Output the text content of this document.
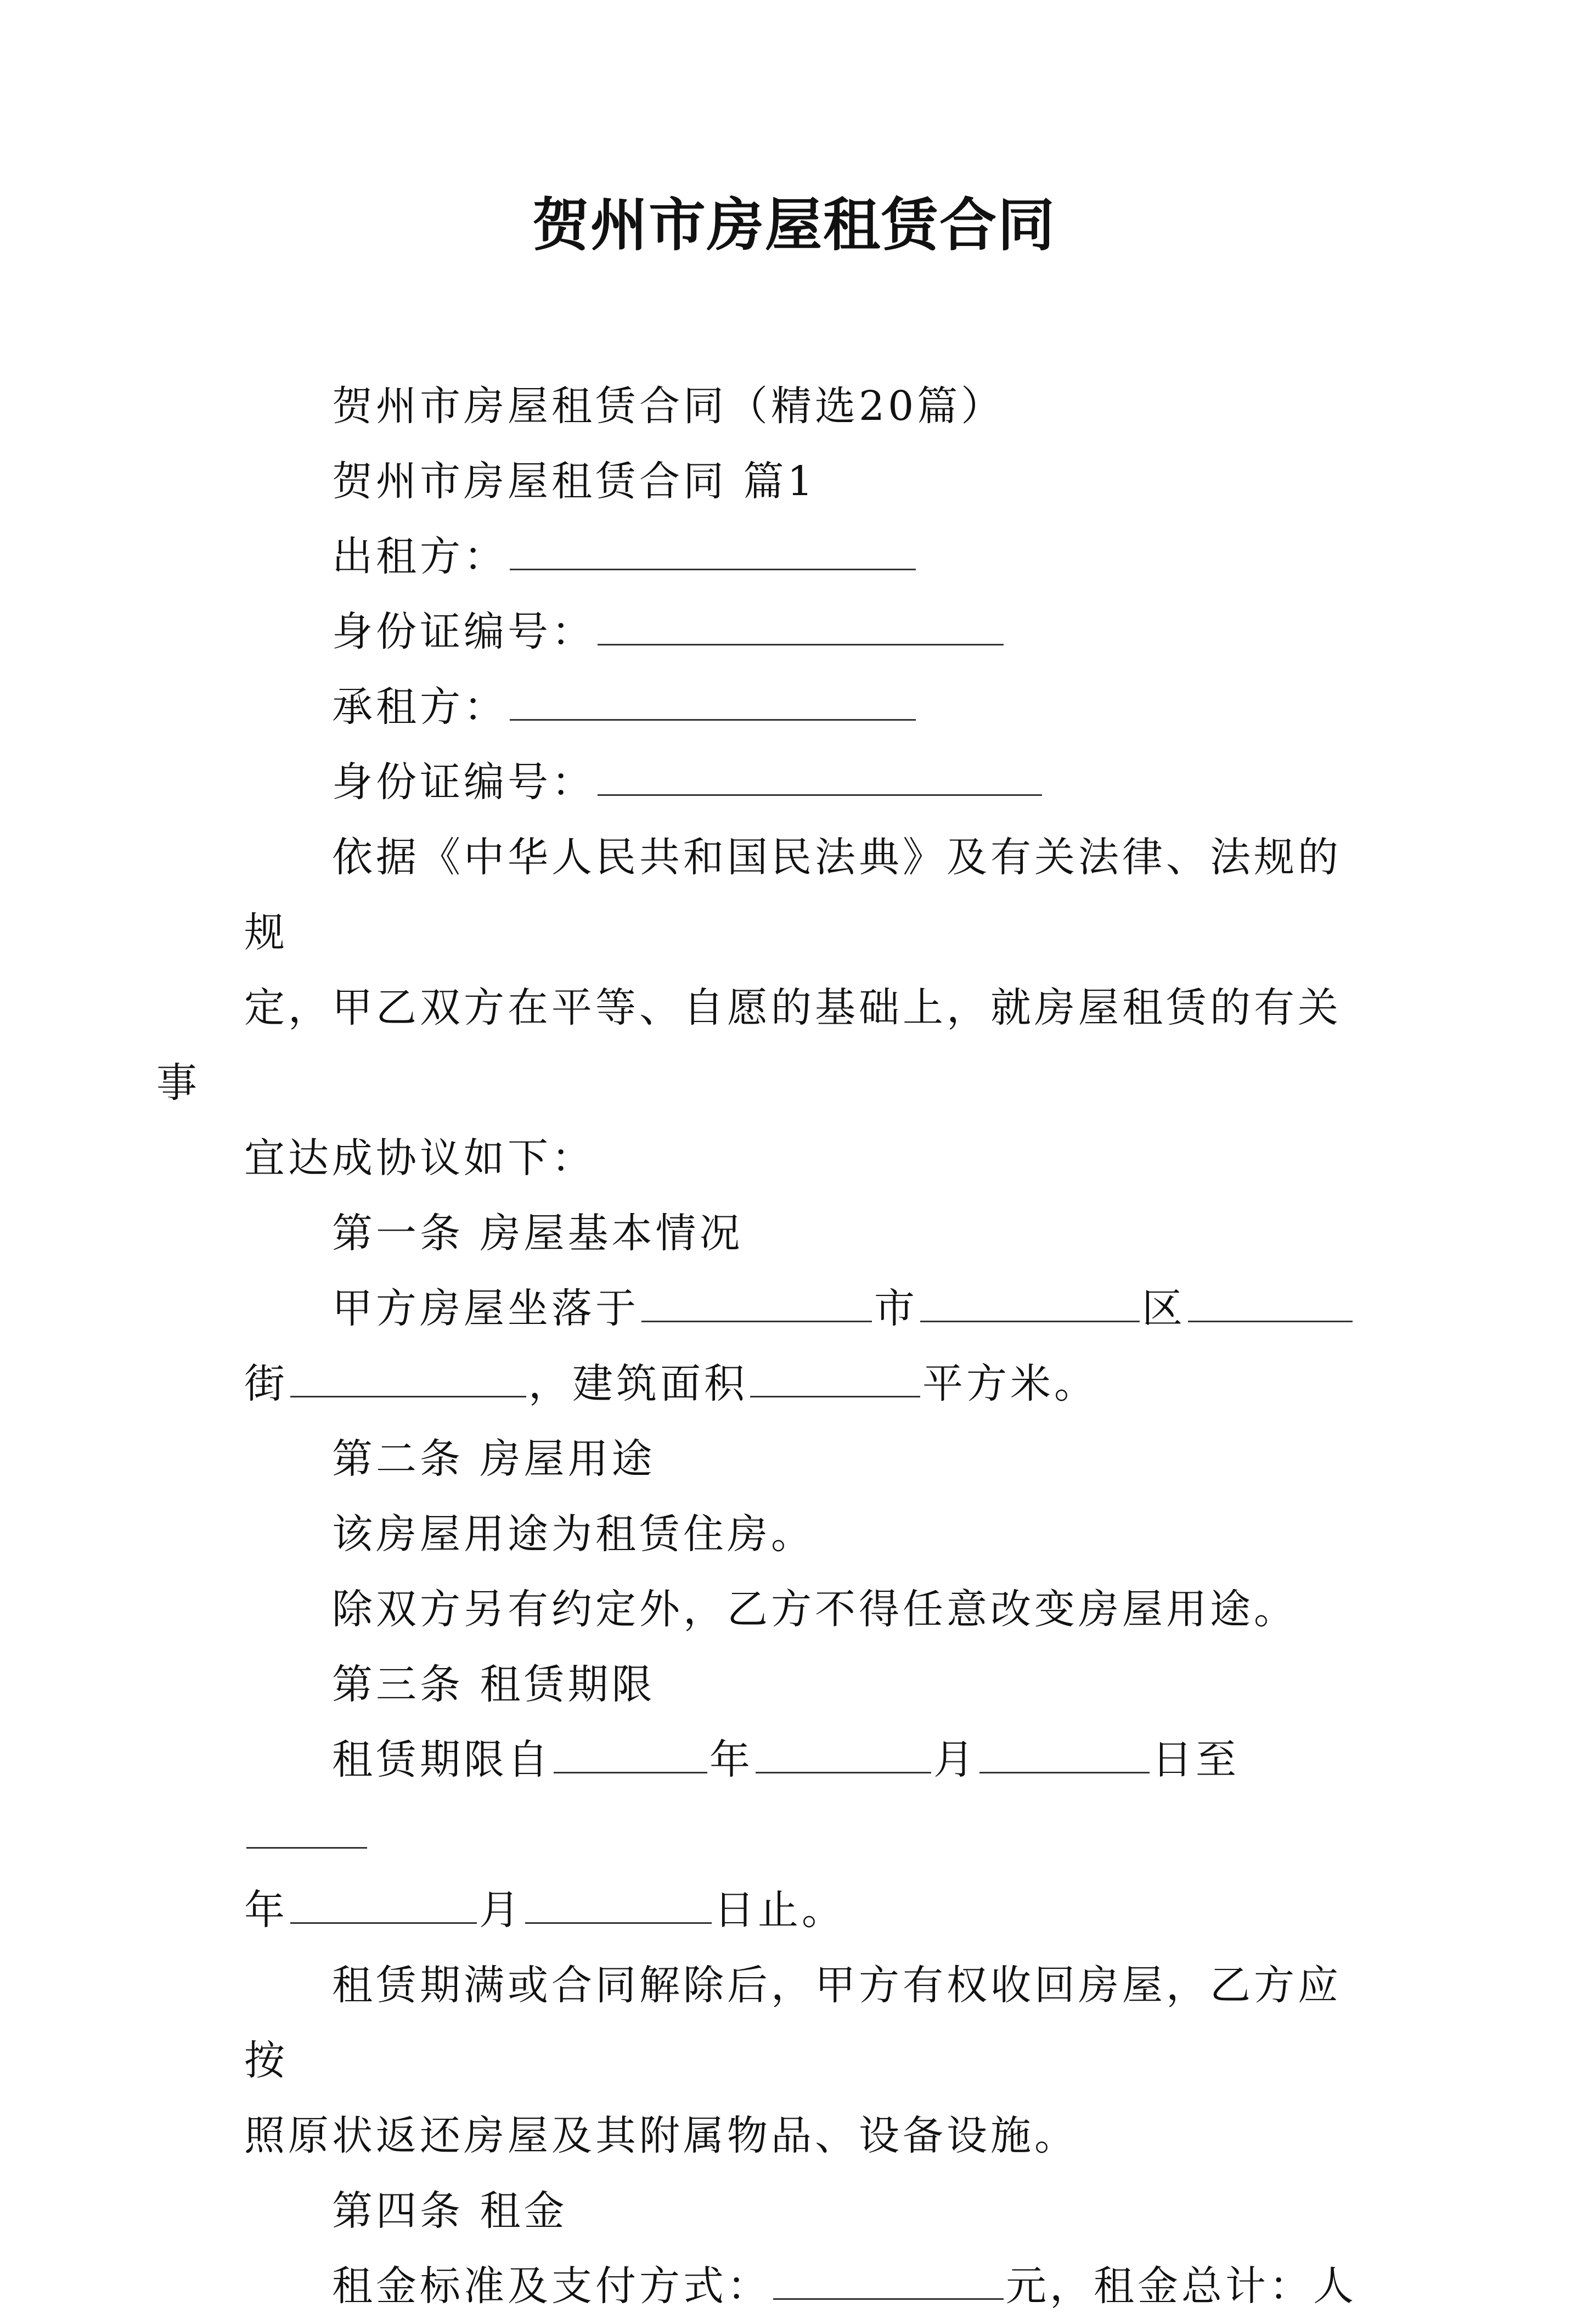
贺州市房屋租赁合同

贺州市房屋租赁合同（精选20篇）

贺州市房屋租赁合同 篇1

出租方：

身份证编号：

承租方：

身份证编号：

依据《中华人民共和国民法典》及有关法律、法规的规
定，甲乙双方在平等、自愿的基础上，就房屋租赁的有关事
宜达成协议如下：

第一条 房屋基本情况

甲方房屋坐落于	市	区
街	，建筑面积	平方米。

第二条 房屋用途

该房屋用途为租赁住房。

除双方另有约定外，乙方不得任意改变房屋用途。

第三条 租赁期限

租赁期限自	年	月	日至
年	月	日止。

租赁期满或合同解除后，甲方有权收回房屋，乙方应按
照原状返还房屋及其附属物品、设备设施。

第四条 租金

租金标准及支付方式：	元，租金总计：人
